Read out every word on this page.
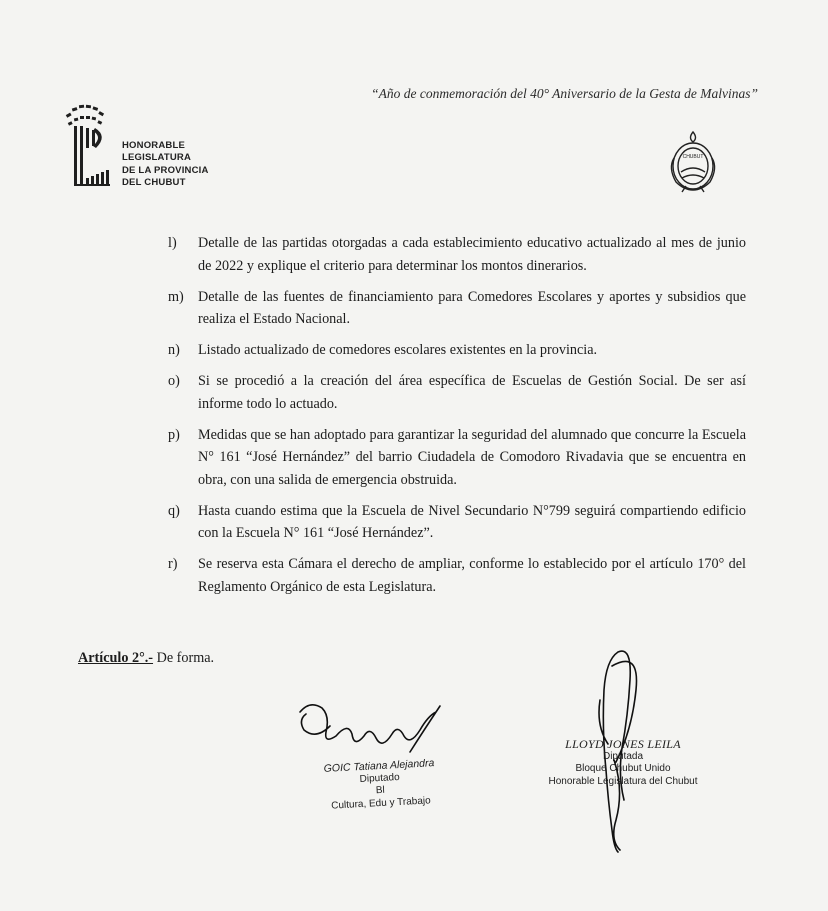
“Año de conmemoración del 40° Aniversario de la Gesta de Malvinas”
HONORABLE
LEGISLATURA
DE LA PROVINCIA
DEL CHUBUT
CHUBUT
l) Detalle de las partidas otorgadas a cada establecimiento educativo actualizado al mes de junio de 2022 y explique el criterio para determinar los montos dinerarios.
m) Detalle de las fuentes de financiamiento para Comedores Escolares y aportes y subsidios que realiza el Estado Nacional.
n) Listado actualizado de comedores escolares existentes en la provincia.
o) Si se procedió a la creación del área específica de Escuelas de Gestión Social. De ser así informe todo lo actuado.
p) Medidas que se han adoptado para garantizar la seguridad del alumnado que concurre la Escuela N° 161 “José Hernández” del barrio Ciudadela de Comodoro Rivadavia que se encuentra en obra, con una salida de emergencia obstruida.
q) Hasta cuando estima que la Escuela de Nivel Secundario N°799 seguirá compartiendo edificio con la Escuela N° 161 “José Hernández”.
r) Se reserva esta Cámara el derecho de ampliar, conforme lo establecido por el artículo 170° del Reglamento Orgánico de esta Legislatura.
Artículo 2°.- De forma.
GOIC Tatiana Alejandra
Diputado
Bl
Cultura, Edu y Trabajo
LLOYD JONES LEILA
Diputada
Bloque Chubut Unido
Honorable Legislatura del Chubut
